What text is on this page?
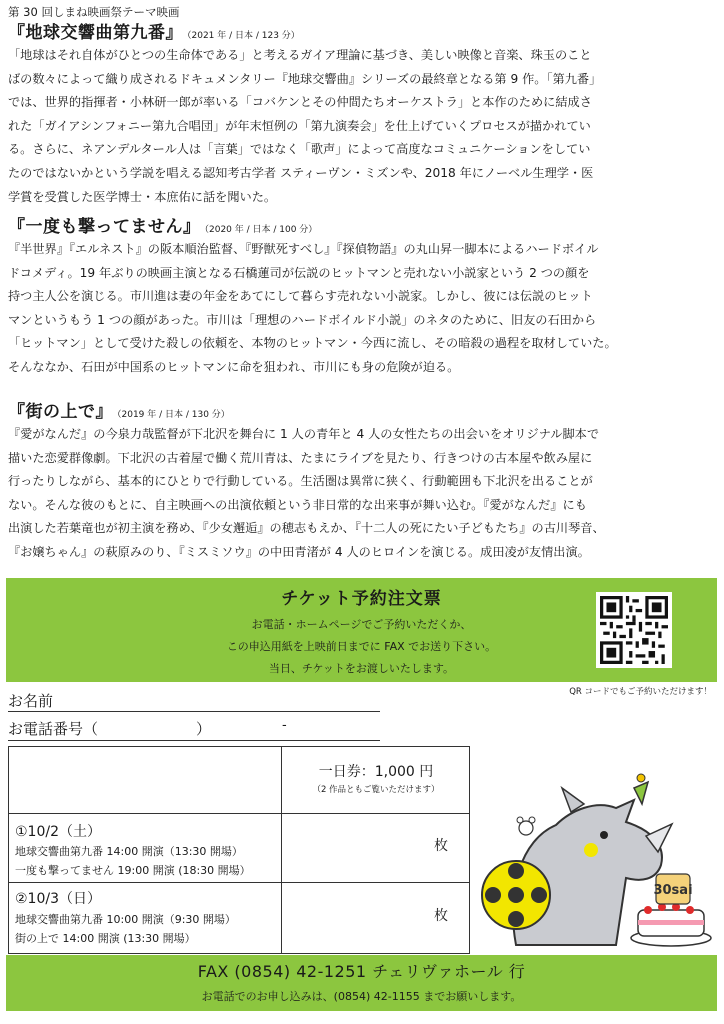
第 30 回しまね映画祭テーマ映画
『地球交響曲第九番』 （2021 年 / 日本 / 123 分）
「地球はそれ自体がひとつの生命体である」と考えるガイア理論に基づき、美しい映像と音楽、珠玉のこと
ばの数々によって織り成されるドキュメンタリー『地球交響曲』シリーズの最終章となる第 9 作。「第九番」
では、世界的指揮者・小林研一郎が率いる「コバケンとその仲間たちオーケストラ」と本作のために結成さ
れた「ガイアシンフォニー第九合唱団」が年末恒例の「第九演奏会」を仕上げていくプロセスが描かれてい
る。さらに、ネアンデルタール人は「言葉」ではなく「歌声」によって高度なコミュニケーションをしてい
たのではないかという学説を唱える認知考古学者 スティーヴン・ミズンや、2018 年にノーベル生理学・医
学賞を受賞した医学博士・本庶佑に話を聞いた。
『一度も撃ってません』 （2020 年 / 日本 / 100 分）
『半世界』『エルネスト』の阪本順治監督、『野獣死すべし』『探偵物語』の丸山昇一脚本によるハードボイル
ドコメディ。19 年ぶりの映画主演となる石橋蓮司が伝説のヒットマンと売れない小説家という 2 つの顔を
持つ主人公を演じる。市川進は妻の年金をあてにして暮らす売れない小説家。しかし、彼には伝説のヒット
マンというもう 1 つの顔があった。市川は「理想のハードボイルド小説」のネタのために、旧友の石田から
「ヒットマン」として受けた殺しの依頼を、本物のヒットマン・今西に流し、その暗殺の過程を取材していた。
そんななか、石田が中国系のヒットマンに命を狙われ、市川にも身の危険が迫る。
『街の上で』 （2019 年 / 日本 / 130 分）
『愛がなんだ』の今泉力哉監督が下北沢を舞台に 1 人の青年と 4 人の女性たちの出会いをオリジナル脚本で
描いた恋愛群像劇。下北沢の古着屋で働く荒川青は、たまにライブを見たり、行きつけの古本屋や飲み屋に
行ったりしながら、基本的にひとりで行動している。生活圏は異常に狭く、行動範囲も下北沢を出ることが
ない。そんな彼のもとに、自主映画への出演依頼という非日常的な出来事が舞い込む。『愛がなんだ』にも
出演した若葉竜也が初主演を務め、『少女邂逅』の穂志もえか、『十二人の死にたい子どもたち』の古川琴音、
『お嬢ちゃん』の萩原みのり、『ミスミソウ』の中田青渚が 4 人のヒロインを演じる。成田凌が友情出演。
チケット予約注文票
お電話・ホームページでご予約いただくか、
この申込用紙を上映前日までに FAX でお送り下さい。
当日、チケットをお渡しいたします。
QR コードでもご予約いただけます！
お名前
お電話番号（	）	-
一日券：1,000 円
（2 作品ともご覧いただけます）
①10/2（土）
地球交響曲第九番 14:00 開演（13:30 開場）
一度も撃ってません 19:00 開演 (18:30 開場）
枚
②10/3（日）
地球交響曲第九番 10:00 開演（9:30 開場）
街の上で 14:00 開演 (13:30 開場）
枚
30sai
FAX (0854) 42-1251 チェリヴァホール 行
お電話でのお申し込みは、(0854) 42-1155 までお願いします。
